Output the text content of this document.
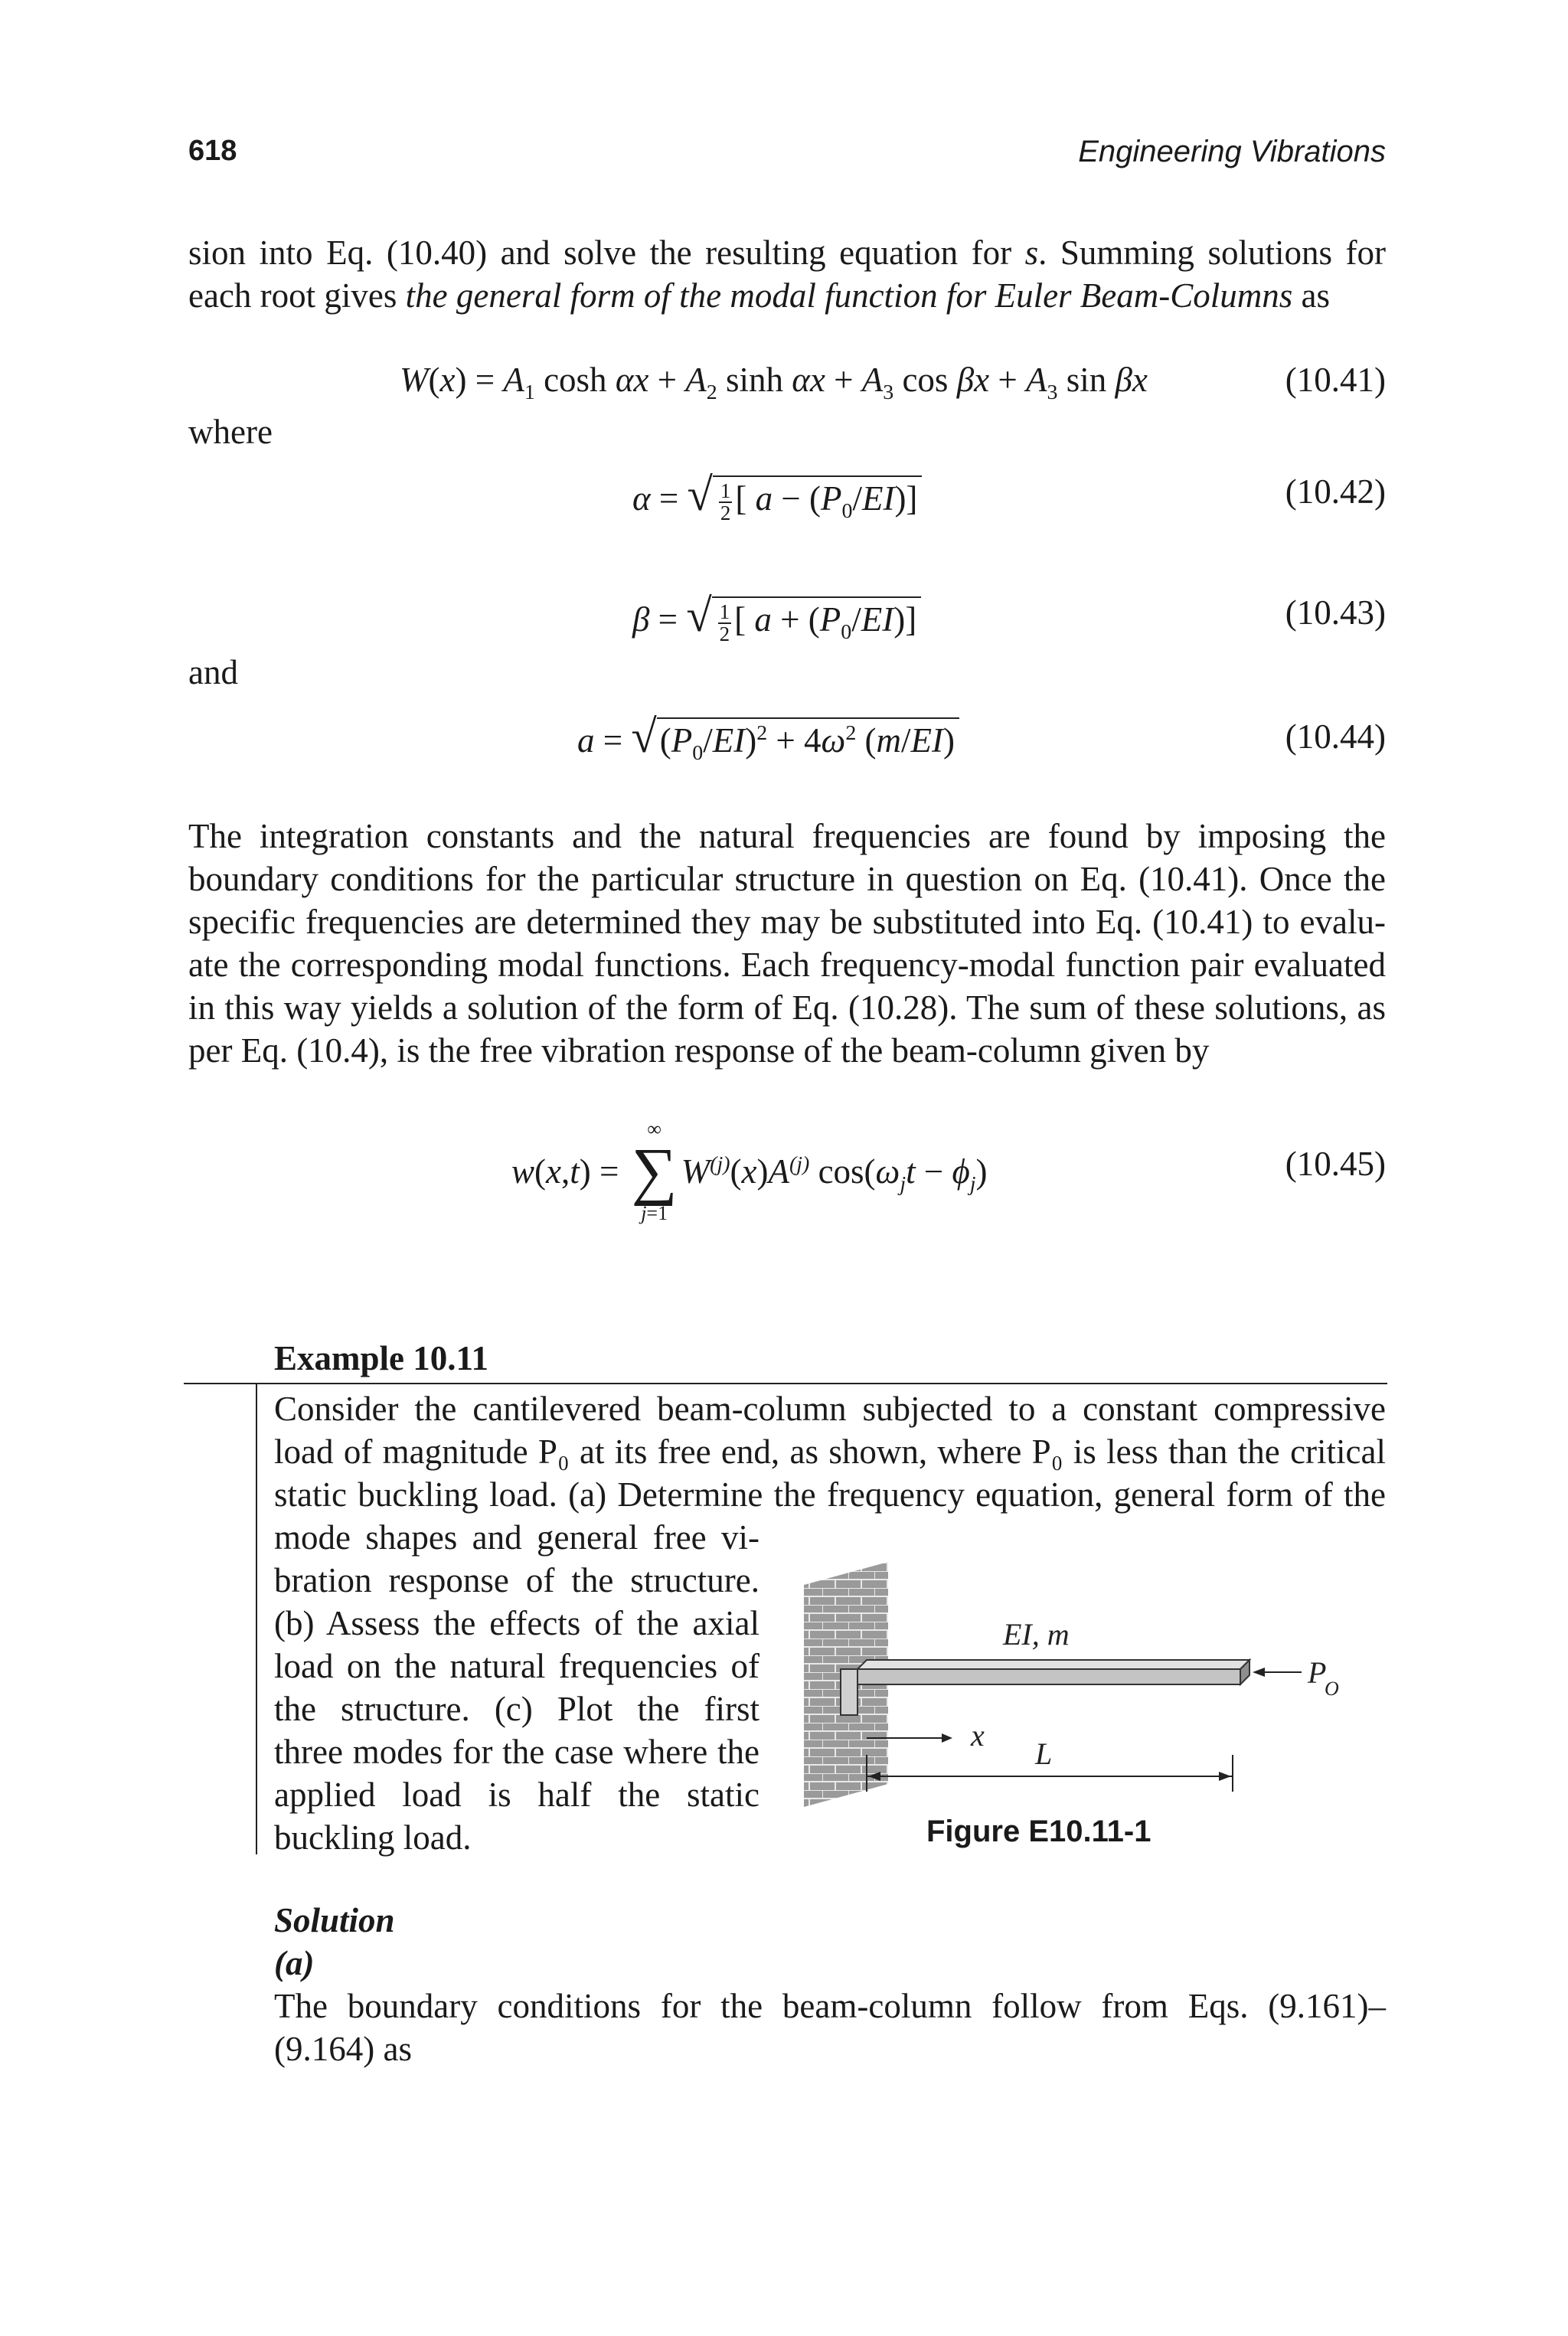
618	Engineering Vibrations
sion into Eq. (10.40) and solve the resulting equation for s. Summing solutions for
each root gives the general form of the modal function for Euler Beam-Columns as
$W(x) = A_1$ $\cosh \alpha x + A_2$ $\sinh \alpha x + A_3$ $\cos \beta x + A_3$ sin βx	(10.41)
where
α = √ $\frac{1}{2}$ [ $a - (P_0/EI)$]	(10.42)
β = √ $\frac{1}{2}$ [ $a + (P_0/EI)$]	(10.43)
and
$a = √(P_0/EI)^2 + 4\omega^2$ (m/EI)	(10.44)
The integration constants and the natural frequencies are found by imposing the
boundary conditions for the particular structure in question on Eq. (10.41). Once the
specific frequencies are determined they may be substituted into Eq. (10.41) to evalu-
ate the corresponding modal functions. Each frequency-modal function pair evaluated
in this way yields a solution of the form of Eq. (10.28). The sum of these solutions, as
per Eq. (10.4), is the free vibration response of the beam-column given by
w(x,t) =
∞
∑
j=1
$W^{(j)}(x)A^{(j)}$ $\cos(\omega_jt - \phi_j)$	(10.45)
Example 10.11
Consider the cantilevered beam-column subjected to a constant compressive
load of magnitude P₀ at its free end, as shown, where P₀ is less than the critical
static buckling load. (a) Determine the frequency equation, general form of the
mode shapes and general free vi-
bration response of the structure.
(b) Assess the effects of the axial
load on the natural frequencies of
the structure. (c) Plot the first
three modes for the case where the
applied load is half the static
buckling load.
EI, m
P
O
x
L
Figure E10.11-1
Solution
(a)
The boundary conditions for the beam-column follow from Eqs. (9.161)–
(9.164) as
